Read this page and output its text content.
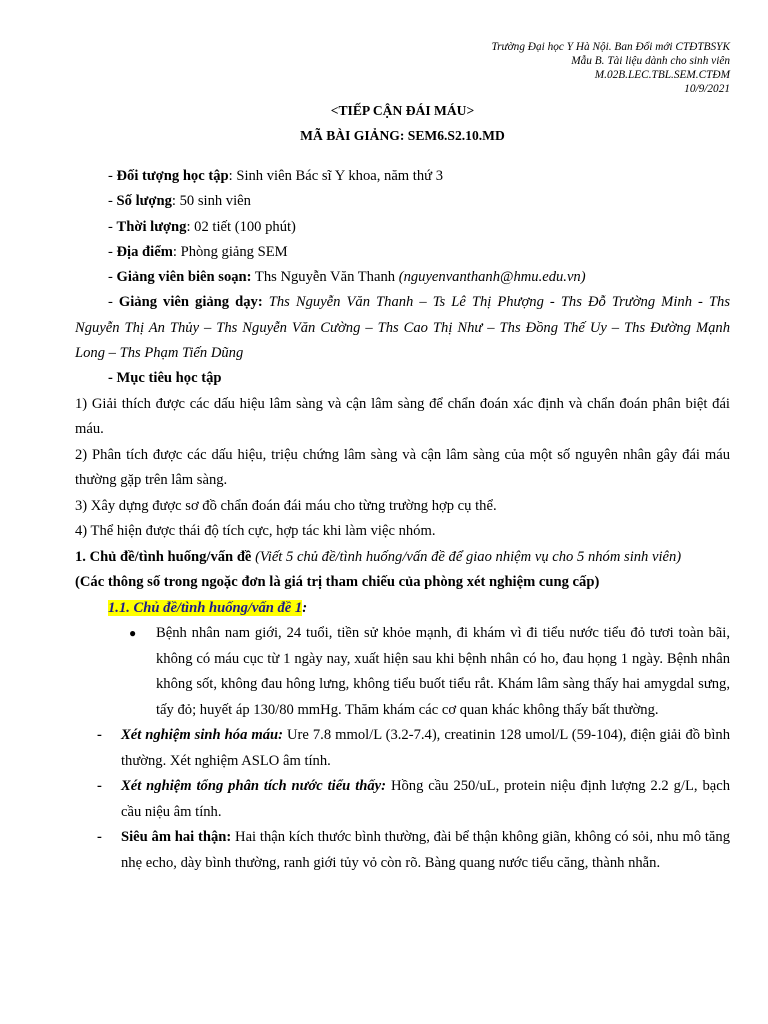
Trường Đại học Y Hà Nội. Ban Đổi mới CTĐTBSYK
Mẫu B. Tài liệu dành cho sinh viên
M.02B.LEC.TBL.SEM.CTĐM
10/9/2021
<TIẾP CẬN ĐÁI MÁU>
MÃ BÀI GIẢNG: SEM6.S2.10.MD

- Đối tượng học tập: Sinh viên Bác sĩ Y khoa, năm thứ 3

- Số lượng: 50 sinh viên

- Thời lượng: 02 tiết (100 phút)

- Địa điểm: Phòng giảng SEM

- Giảng viên biên soạn: Ths Nguyễn Văn Thanh (nguyenvanthanh@hmu.edu.vn)

- Giảng viên giảng dạy: Ths Nguyễn Văn Thanh – Ts Lê Thị Phượng - Ths Đỗ Trường Minh - Ths Nguyễn Thị An Thủy – Ths Nguyễn Văn Cường – Ths Cao Thị Như – Ths Đồng Thế Uy – Ths Đường Mạnh Long – Ths Phạm Tiến Dũng

- Mục tiêu học tập

1) Giải thích được các dấu hiệu lâm sàng và cận lâm sàng để chẩn đoán xác định và chẩn đoán phân biệt đái máu.

2) Phân tích được các dấu hiệu, triệu chứng lâm sàng và cận lâm sàng của một số nguyên nhân gây đái máu thường gặp trên lâm sàng.

3) Xây dựng được sơ đồ chẩn đoán đái máu cho từng trường hợp cụ thể.

4) Thể hiện được thái độ tích cực, hợp tác khi làm việc nhóm.

1. Chủ đề/tình huống/vấn đề (Viết 5 chủ đề/tình huống/vấn đề để giao nhiệm vụ cho 5 nhóm sinh viên)

(Các thông số trong ngoặc đơn là giá trị tham chiếu của phòng xét nghiệm cung cấp)

1.1. Chủ đề/tình huống/vấn đề 1:

● Bệnh nhân nam giới, 24 tuổi, tiền sử khỏe mạnh, đi khám vì đi tiểu nước tiểu đỏ tươi toàn bãi, không có máu cục từ 1 ngày nay, xuất hiện sau khi bệnh nhân có ho, đau họng 1 ngày. Bệnh nhân không sốt, không đau hông lưng, không tiểu buốt tiểu rắt. Khám lâm sàng thấy hai amygdal sưng, tấy đỏ; huyết áp 130/80 mmHg. Thăm khám các cơ quan khác không thấy bất thường.
- Xét nghiệm sinh hóa máu: Ure 7.8 mmol/L (3.2-7.4), creatinin 128 umol/L (59-104), điện giải đồ bình thường. Xét nghiệm ASLO âm tính.
- Xét nghiệm tổng phân tích nước tiểu thấy: Hồng cầu 250/uL, protein niệu định lượng 2.2 g/L, bạch cầu niệu âm tính.
- Siêu âm hai thận: Hai thận kích thước bình thường, đài bể thận không giãn, không có sỏi, nhu mô tăng nhẹ echo, dày bình thường, ranh giới tủy vỏ còn rõ. Bàng quang nước tiểu căng, thành nhẵn.
